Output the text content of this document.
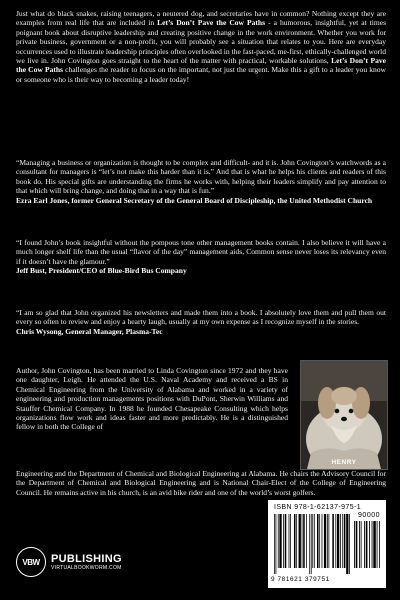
Just what do black snakes, raising teenagers, a neutered dog, and secretaries have in common? Nothing except they are examples from real life that are included in Let’s Don’t Pave the Cow Paths - a humorous, insightful, yet at times poignant book about disruptive leadership and creating positive change in the work environment. Whether you work for private business, government or a non-profit, you will probably see a situation that relates to you. Here are everyday occurrences used to illustrate leadership principles often overlooked in the fast-paced, me-first, ethically-challenged world we live in. John Covington goes straight to the heart of the matter with practical, workable solutions, Let’s Don’t Pave the Cow Paths challenges the reader to focus on the important, not just the urgent. Make this a gift to a leader you know or someone who is their way to becoming a leader today!

“Managing a business or organization is thought to be complex and difficult- and it is. John Covington’s watchwords as a consultant for managers is “let’s not make this harder than it is.” And that is what he helps his clients and readers of this book do. His special gifts are understanding the firms he works with, helping their leaders simplify and pay attention to that which will bring change, and doing that in a way that is fun.”
Ezra Earl Jones, former General Secretary of the General Board of Discipleship, the United Methodist Church
“I found John’s book insightful without the pompous tone other management books contain. I also believe it will have a much longer shelf life than the usual “flavor of the day” management aids, Common sense never loses its relevancy even if it doesn’t have the glamour.”
Jeff Bust, President/CEO of Blue-Bird Bus Company
“I am so glad that John organized his newsletters and made them into a book. I absolutely love them and pull them out every so often to review and enjoy a hearty laugh, usually at my own expense as I recognize myself in the stories.
Chris Wysong, General Manager, Plasma-Tec
Author, John Covington, has been married to Linda Covington since 1972 and they have one daughter, Leigh. He attended the U.S. Naval Academy and received a BS in Chemical Engineering from the University of Alabama and worked in a variety of engineering and production managements positions with DuPont, Sherwin Williams and Stauffer Chemical Company. In 1988 he founded Chesapeake Consulting which helps organizations flow work and ideas faster and more predictably. He is a distinguished fellow in both the College of
HENRY
Engineering and the Department of Chemical and Biological Engineering at Alabama. He chairs the Advisory Council for the Department of Chemical and Biological Engineering and is National Chair-Elect of the College of Engineering Council. He remains active in his church, is an avid bike rider and one of the world’s worst golfers.
VBW	PUBLISHING
VIRTUALBOOKWORM.COM
ISBN 978-1-62137-975-1
90000
9 781621 379751
